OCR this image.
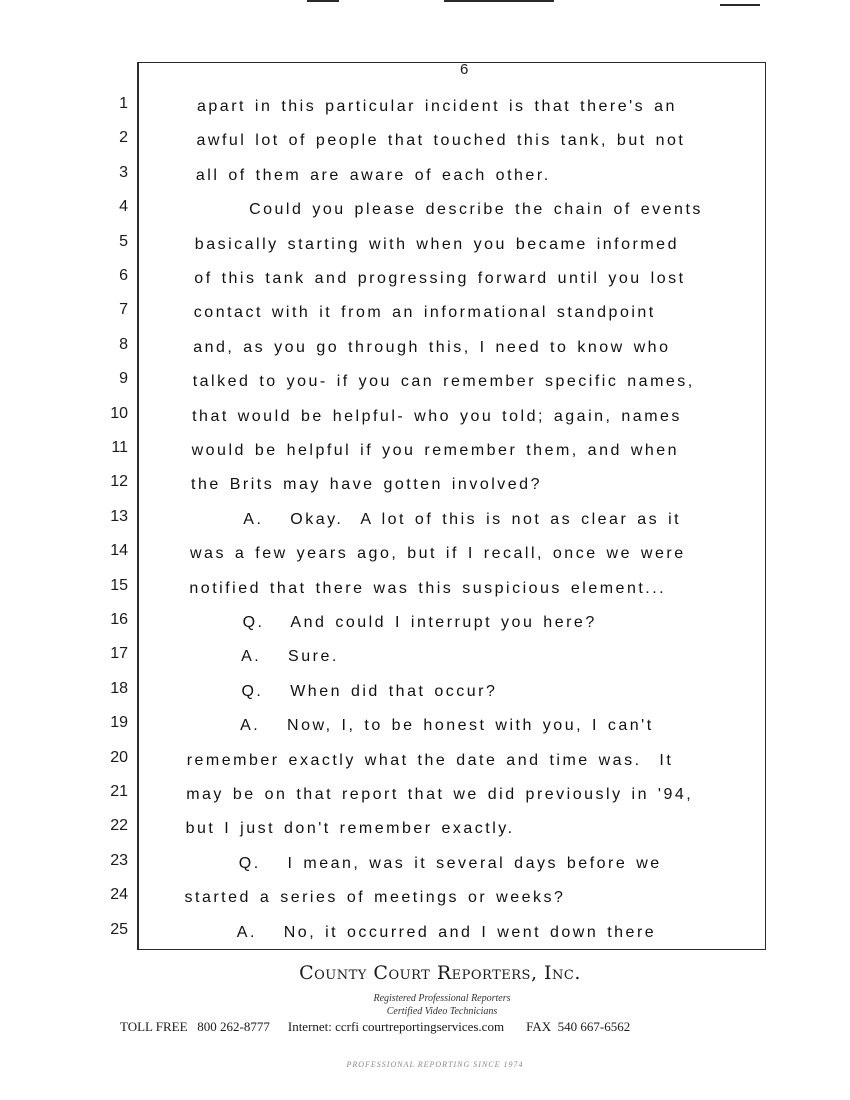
6
1	apart in this particular incident is that there's an
2	awful lot of people that touched this tank, but not
3	all of them are aware of each other.
4	Could you please describe the chain of events
5	basically starting with when you became informed
6	of this tank and progressing forward until you lost
7	contact with it from an informational standpoint
8	and, as you go through this, I need to know who
9	talked to you- if you can remember specific names,
10	that would be helpful- who you told; again, names
11	would be helpful if you remember them, and when
12	the Brits may have gotten involved?
13	A.   Okay.  A lot of this is not as clear as it
14	was a few years ago, but if I recall, once we were
15	notified that there was this suspicious element...
16	Q.   And could I interrupt you here?
17	A.   Sure.
18	Q.   When did that occur?
19	A.   Now, I, to be honest with you, I can't
20	remember exactly what the date and time was.  It
21	may be on that report that we did previously in '94,
22	but I just don't remember exactly.
23	Q.   I mean, was it several days before we
24	started a series of meetings or weeks?
25	A.   No, it occurred and I went down there
County Court Reporters, Inc.
Registered Professional Reporters
Certified Video Technicians
TOLL FREE   800 262-8777 Internet: ccrfi courtreportingservices.com FAX  540 667-6562
PROFESSIONAL REPORTING SINCE 1974
